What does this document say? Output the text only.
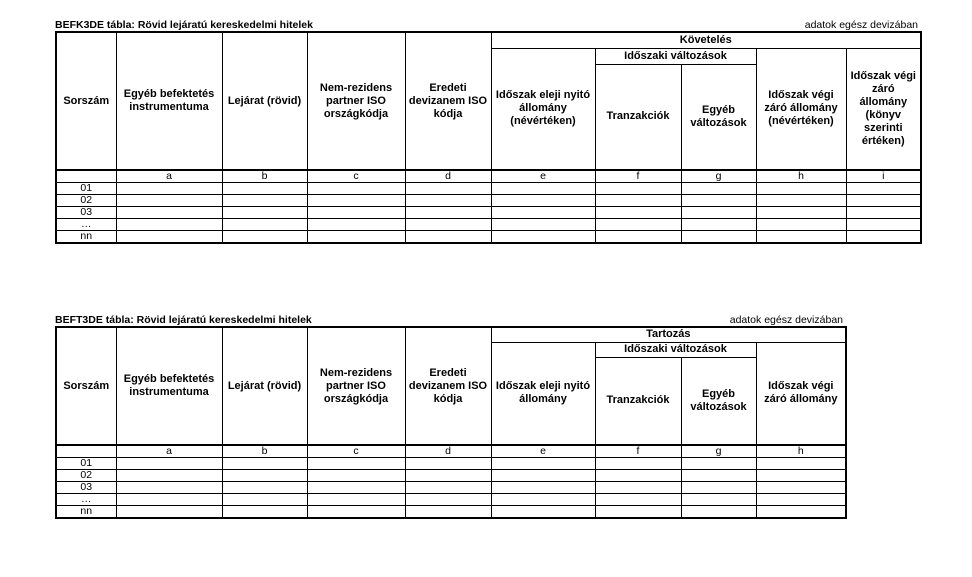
BEFK3DE tábla: Rövid lejáratú kereskedelmi hitelek	adatok egész devizában
Sorszám	Egyéb befektetés instrumentuma	Lejárat (rövid)	Nem-rezidens partner ISO országkódja	Eredeti devizanem ISO kódja	Követelés				
					Időszak eleji nyitó állomány (névértéken)	Időszaki változások		Időszak végi záró állomány (névértéken)	Időszak végi záró állomány (könyv szerinti értéken)
						Tranzakciók	Egyéb változások		
	a	b	c	d	e	f	g	h	i
01									
02									
03									
…									
nn									
BEFT3DE tábla: Rövid lejáratú kereskedelmi hitelek	adatok egész devizában
Sorszám	Egyéb befektetés instrumentuma	Lejárat (rövid)	Nem-rezidens partner ISO országkódja	Eredeti devizanem ISO kódja	Tartozás			
					Időszak eleji nyitó állomány	Időszaki változások		Időszak végi záró állomány
						Tranzakciók	Egyéb változások	
	a	b	c	d	e	f	g	h
01								
02								
03								
…								
nn								
